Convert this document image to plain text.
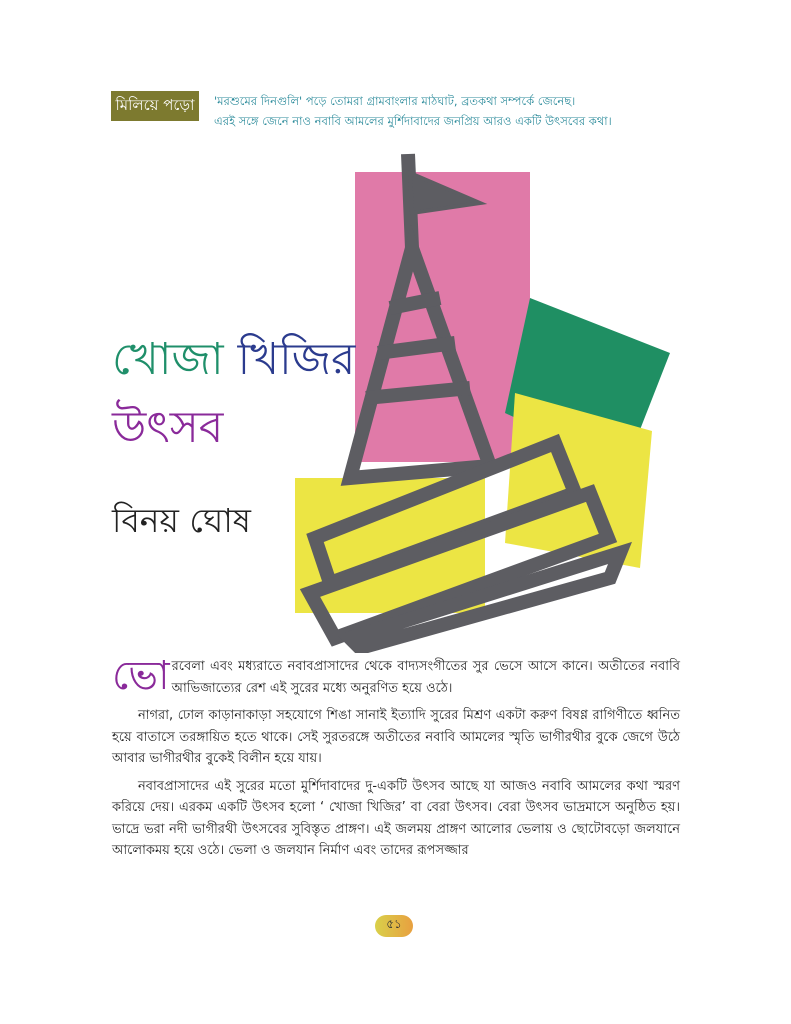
মিলিয়ে পড়ো	'মরশুমের দিনগুলি' পড়ে তোমরা গ্রামবাংলার মাঠঘাট, ব্রতকথা সম্পর্কে জেনেছ।
এরই সঙ্গে জেনে নাও নবাবি আমলের মুর্শিদাবাদের জনপ্রিয় আরও একটি উৎসবের কথা।
খোজা খিজির
উৎসব
বিনয় ঘোষ

ভোরবেলা এবং মধ্যরাতে নবাবপ্রাসাদের থেকে বাদ্যসংগীতের সুর ভেসে আসে কানে। অতীতের নবাবি আভিজাত্যের রেশ এই সুরের মধ্যে অনুরণিত হয়ে ওঠে।

নাগরা, ঢোল কাড়ানাকাড়া সহযোগে শিঙা সানাই ইত্যাদি সুরের মিশ্রণ একটা করুণ বিষণ্ণ রাগিণীতে ধ্বনিত হয়ে বাতাসে তরঙ্গায়িত হতে থাকে। সেই সুরতরঙ্গে অতীতের নবাবি আমলের স্মৃতি ভাগীরথীর বুকে জেগে উঠে আবার ভাগীরথীর বুকেই বিলীন হয়ে যায়।

নবাবপ্রাসাদের এই সুরের মতো মুর্শিদাবাদের দু-একটি উৎসব আছে যা আজও নবাবি আমলের কথা স্মরণ করিয়ে দেয়। এরকম একটি উৎসব হলো ‘ খোজা খিজির’ বা বেরা উৎসব। বেরা উৎসব ভাদ্রমাসে অনুষ্ঠিত হয়। ভাদ্রে ভরা নদী ভাগীরথী উৎসবের সুবিস্তৃত প্রাঙ্গণ। এই জলময় প্রাঙ্গণ আলোর ভেলায় ও ছোটোবড়ো জলযানে আলোকময় হয়ে ওঠে। ভেলা ও জলযান নির্মাণ এবং তাদের রূপসজ্জার

৫১
